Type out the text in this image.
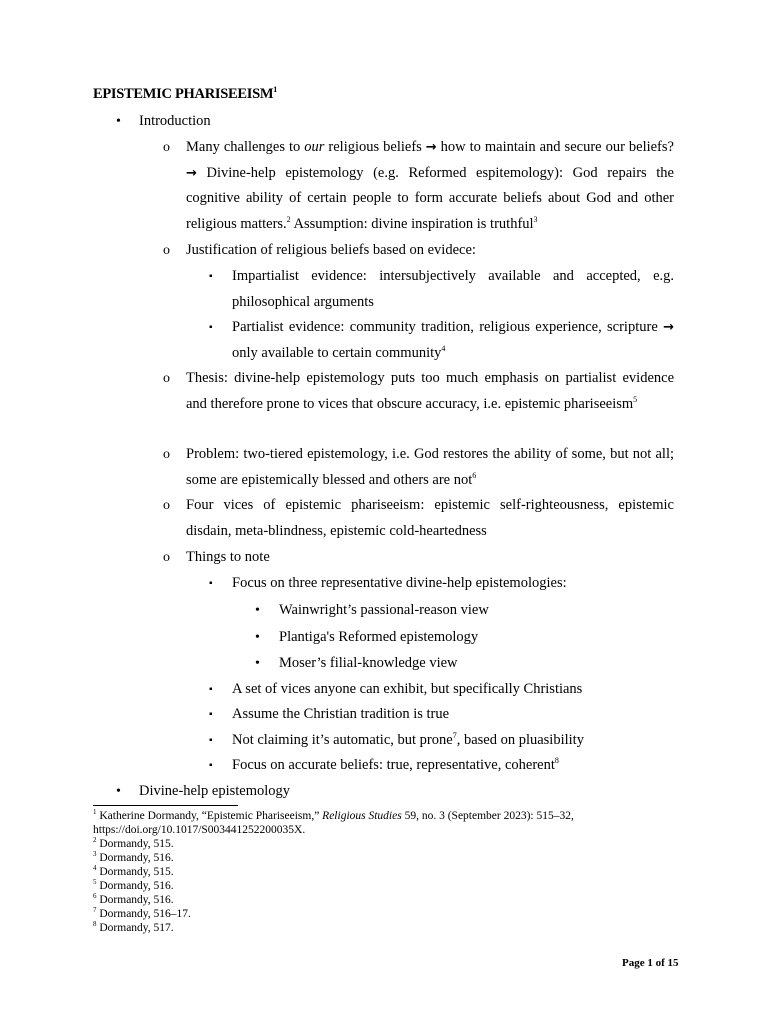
EPISTEMIC PHARISEEISM$^1$
• Introduction
o Many challenges to our religious beliefs → how to maintain and secure our beliefs? → Divine-help epistemology (e.g. Reformed espitemology): God repairs the cognitive ability of certain people to form accurate beliefs about God and other religious matters.$^2$ Assumption: divine inspiration is truthful$^3$
o Justification of religious beliefs based on evidece:
▪ Impartialist evidence: intersubjectively available and accepted, e.g. philosophical arguments
▪ Partialist evidence: community tradition, religious experience, scripture → only available to certain community$^4$
o Thesis: divine-help epistemology puts too much emphasis on partialist evidence and therefore prone to vices that obscure accuracy, i.e. epistemic phariseeism$^5$
o Problem: two-tiered epistemology, i.e. God restores the ability of some, but not all; some are epistemically blessed and others are not$^6$
o Four vices of epistemic phariseeism: epistemic self-righteousness, epistemic disdain, meta-blindness, epistemic cold-heartedness
o Things to note
▪ Focus on three representative divine-help epistemologies:
• Wainwright’s passional-reason view
• Plantiga's Reformed epistemology
• Moser’s filial-knowledge view
▪ A set of vices anyone can exhibit, but specifically Christians
▪ Assume the Christian tradition is true
▪ Not claiming it’s automatic, but prone$^7$, based on pluasibility
▪ Focus on accurate beliefs: true, representative, coherent$^8$
• Divine-help epistemology
$^1$ Katherine Dormandy, “Epistemic Phariseeism,” Religious Studies 59, no. 3 (September 2023): 515–32,
https://doi.org/10.1017/S003441252200035X.
$^2$ Dormandy, 515.
$^3$ Dormandy, 516.
$^4$ Dormandy, 515.
$^5$ Dormandy, 516.
$^6$ Dormandy, 516.
$^7$ Dormandy, 516–17.
$^8$ Dormandy, 517.
Page 1 of 15
